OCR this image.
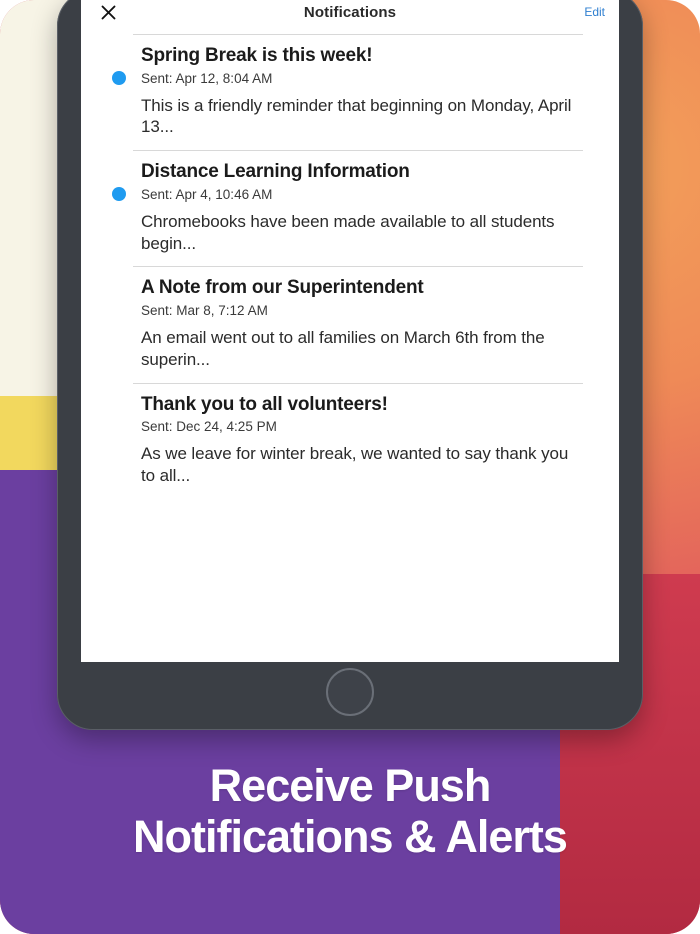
Notifications	Edit
Spring Break is this week!
Sent: Apr 12, 8:04 AM
This is a friendly reminder that beginning on Monday, April 13...
Distance Learning Information
Sent: Apr 4, 10:46 AM
Chromebooks have been made available to all students begin...
A Note from our Superintendent
Sent: Mar 8, 7:12 AM
An email went out to all families on March 6th from the superin...
Thank you to all volunteers!
Sent: Dec 24, 4:25 PM
As we leave for winter break, we wanted to say thank you to all...
Receive Push
Notifications & Alerts
